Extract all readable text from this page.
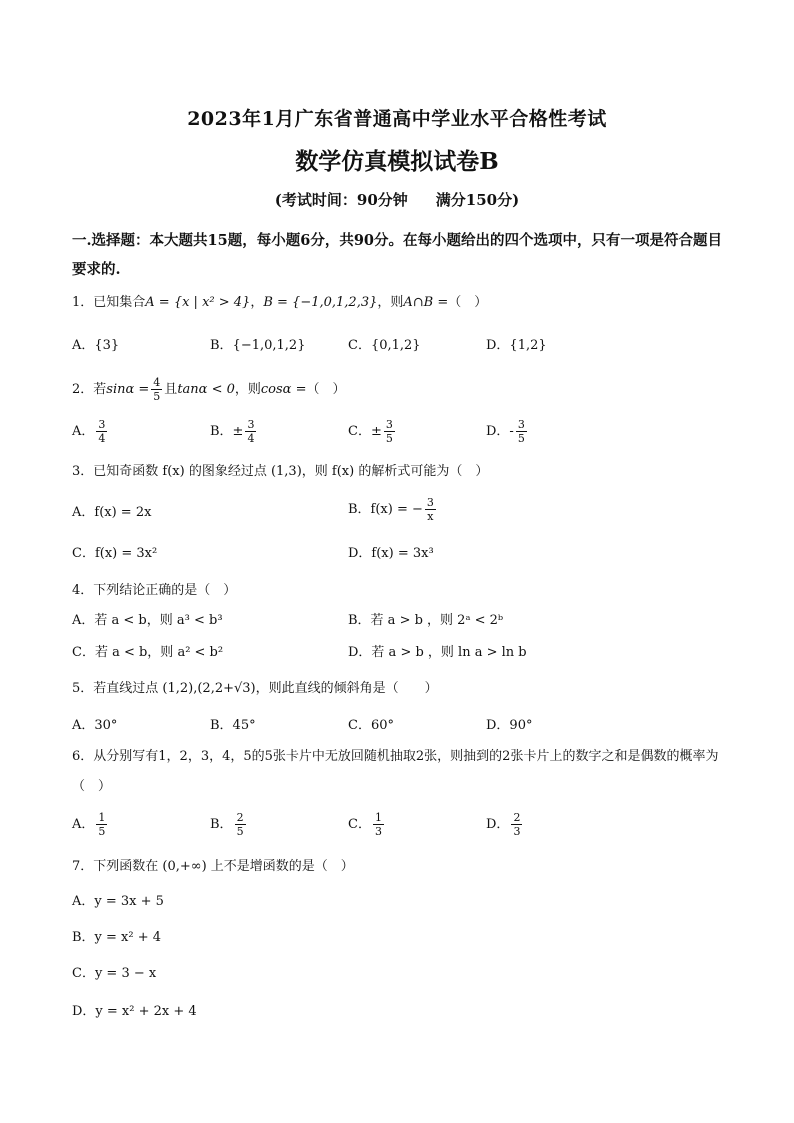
2023年1月广东省普通高中学业水平合格性考试
数学仿真模拟试卷B
(考试时间：90分钟 满分150分)
一.选择题：本大题共15题，每小题6分，共90分。在每小题给出的四个选项中，只有一项是符合题目要求的.
1．已知集合A = {x | x² > 4}，B = {−1,0,1,2,3}，则A∩B =（　）
A．{3}	B．{−1,0,1,2}	C．{0,1,2}	D．{1,2}
2．若$\sin\alpha = \frac{4}{5}$ 且tanα < 0，则cosα =（　）
A． $\frac{3}{4}$	B．± $\frac{3}{4}$	C．± $\frac{3}{5}$	D．- $\frac{3}{5}$
3．已知奇函数 f(x) 的图象经过点 (1,3)，则 f(x) 的解析式可能为（　）
A．f(x) = 2x	B．f(x) = − $\frac{3}{x}$
C．f(x) = 3x²	D．f(x) = 3x³
4．下列结论正确的是（　）
A．若 a < b，则 a³ < b³	B．若 a > b ，则 2ᵃ < 2ᵇ
C．若 a < b，则 a² < b²	D．若 a > b ，则 ln a > ln b
5．若直线过点 (1,2),(2,2+√3)，则此直线的倾斜角是（　　）
A．30°	B．45°	C．60°	D．90°
6．从分别写有1，2，3，4，5的5张卡片中无放回随机抽取2张，则抽到的2张卡片上的数字之和是偶数的概率为（　）
A． $\frac{1}{5}$	B． $\frac{2}{5}$	C． $\frac{1}{3}$	D． $\frac{2}{3}$
7．下列函数在 (0,+∞) 上不是增函数的是（　）
A．y = 3x + 5
B．y = x² + 4
C．y = 3 − x
D．y = x² + 2x + 4
